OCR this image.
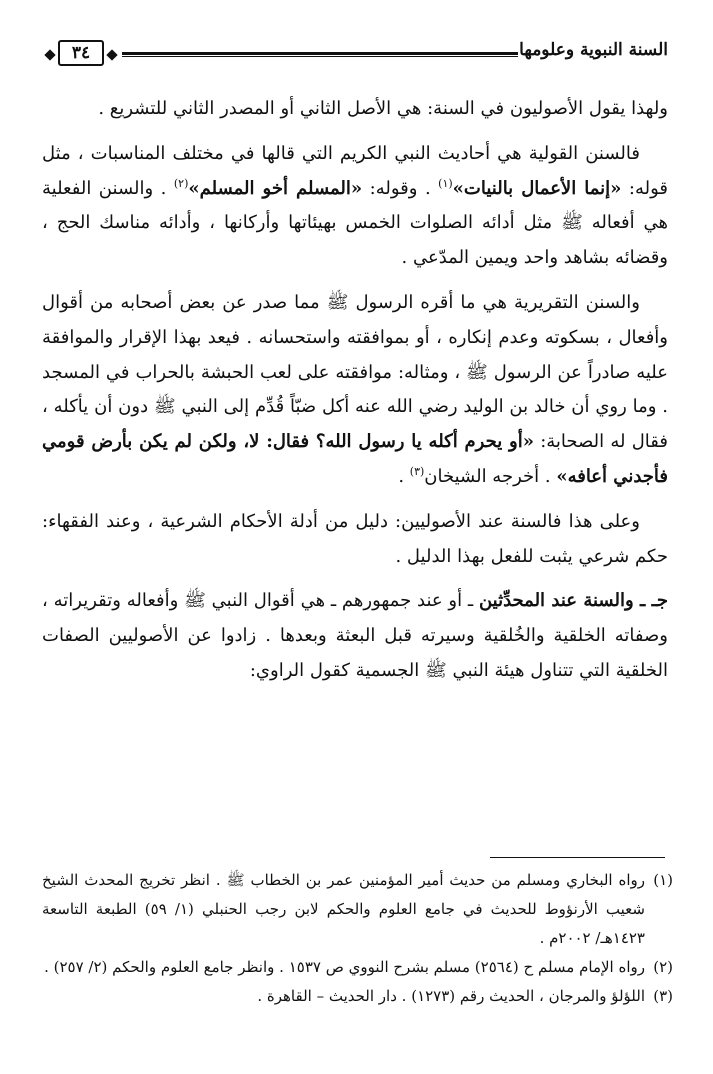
السنة النبوية وعلومها
٣٤

ولهذا يقول الأصوليون في السنة: هي الأصل الثاني أو المصدر الثاني للتشريع .

فالسنن القولية هي أحاديث النبي الكريم التي قالها في مختلف المناسبات ، مثل قوله: «إنما الأعمال بالنيات»$^{(١)}$ . وقوله: «المسلم أخو المسلم»$^{(٢)}$ . والسنن الفعلية هي أفعاله ﷺ مثل أدائه الصلوات الخمس بهيئاتها وأركانها ، وأدائه مناسك الحج ، وقضائه بشاهد واحد ويمين المدّعي .

والسنن التقريرية هي ما أقره الرسول ﷺ مما صدر عن بعض أصحابه من أقوال وأفعال ، بسكوته وعدم إنكاره ، أو بموافقته واستحسانه . فيعد بهذا الإقرار والموافقة عليه صادراً عن الرسول ﷺ ، ومثاله: موافقته على لعب الحبشة بالحراب في المسجد . وما روي أن خالد بن الوليد رضي الله عنه أكل ضبّاً قُدِّم إلى النبي ﷺ دون أن يأكله ، فقال له الصحابة: «أو يحرم أكله يا رسول الله؟ فقال: لا، ولكن لم يكن بأرض قومي فأجدني أعافه» . أخرجه الشيخان$^{(٣)}$ .

وعلى هذا فالسنة عند الأصوليين: دليل من أدلة الأحكام الشرعية ، وعند الفقهاء: حكم شرعي يثبت للفعل بهذا الدليل .

جـ ـ والسنة عند المحدِّثين ـ أو عند جمهورهم ـ هي أقوال النبي ﷺ وأفعاله وتقريراته ، وصفاته الخلقية والخُلقية وسيرته قبل البعثة وبعدها . زادوا عن الأصوليين الصفات الخلقية التي تتناول هيئة النبي ﷺ الجسمية كقول الراوي:

(١)
رواه البخاري ومسلم من حديث أمير المؤمنين عمر بن الخطاب ﷺ . انظر تخريج المحدث الشيخ شعيب الأرنؤوط للحديث في جامع العلوم والحكم لابن رجب الحنبلي (١/ ٥٩) الطبعة التاسعة ١٤٢٣هـ/ ٢٠٠٢م .

(٢)
رواه الإمام مسلم ح (٢٥٦٤) مسلم بشرح النووي ص ١٥٣٧ . وانظر جامع العلوم والحكم (٢/ ٢٥٧) .

(٣)
اللؤلؤ والمرجان ، الحديث رقم (١٢٧٣) . دار الحديث – القاهرة .
